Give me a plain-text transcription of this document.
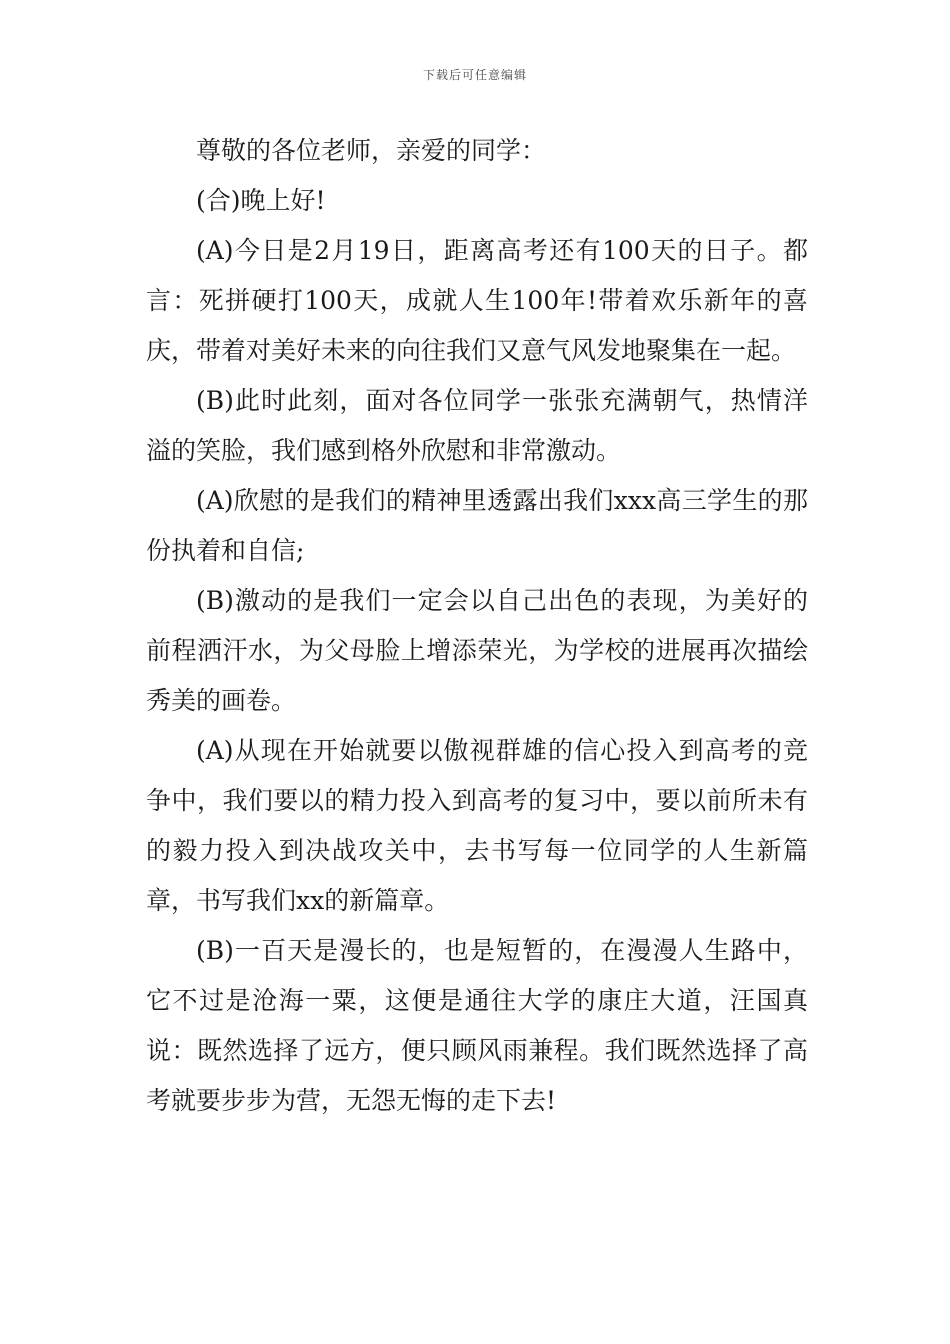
下载后可任意编辑

尊敬的各位老师，亲爱的同学：

(合)晚上好!

(A)今日是2月19日，距离高考还有100天的日子。都言：死拼硬打100天，成就人生100年!带着欢乐新年的喜庆，带着对美好未来的向往我们又意气风发地聚集在一起。

(B)此时此刻，面对各位同学一张张充满朝气，热情洋溢的笑脸，我们感到格外欣慰和非常激动。

(A)欣慰的是我们的精神里透露出我们xxx高三学生的那份执着和自信;

(B)激动的是我们一定会以自己出色的表现，为美好的前程洒汗水，为父母脸上增添荣光，为学校的进展再次描绘秀美的画卷。

(A)从现在开始就要以傲视群雄的信心投入到高考的竞争中，我们要以的精力投入到高考的复习中，要以前所未有的毅力投入到决战攻关中，去书写每一位同学的人生新篇章，书写我们xx的新篇章。

(B)一百天是漫长的，也是短暂的，在漫漫人生路中，它不过是沧海一粟，这便是通往大学的康庄大道，汪国真说：既然选择了远方，便只顾风雨兼程。我们既然选择了高考就要步步为营，无怨无悔的走下去!
